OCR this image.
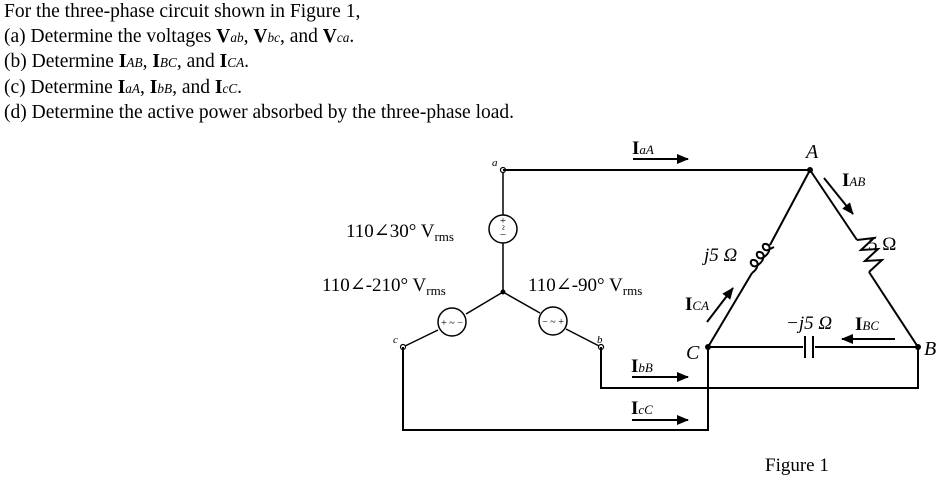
For the three-phase circuit shown in Figure 1,
(a) Determine the voltages Vab, Vbc, and Vca.
(b) Determine IAB, IBC, and ICA.
(c) Determine IaA, IbB, and IcC.
(d) Determine the active power absorbed by the three-phase load.
+
−
~
+ ~ −	− ~ +
a
c	b
110∠30° $V_{rms}$
110∠-210° $V_{rms}$	110∠-90° $V_{rms}$
A
C	B
j5 Ω
5 Ω
−j5 Ω
IaA
IbB
IcC
IAB
IBC
ICA
Figure 1
